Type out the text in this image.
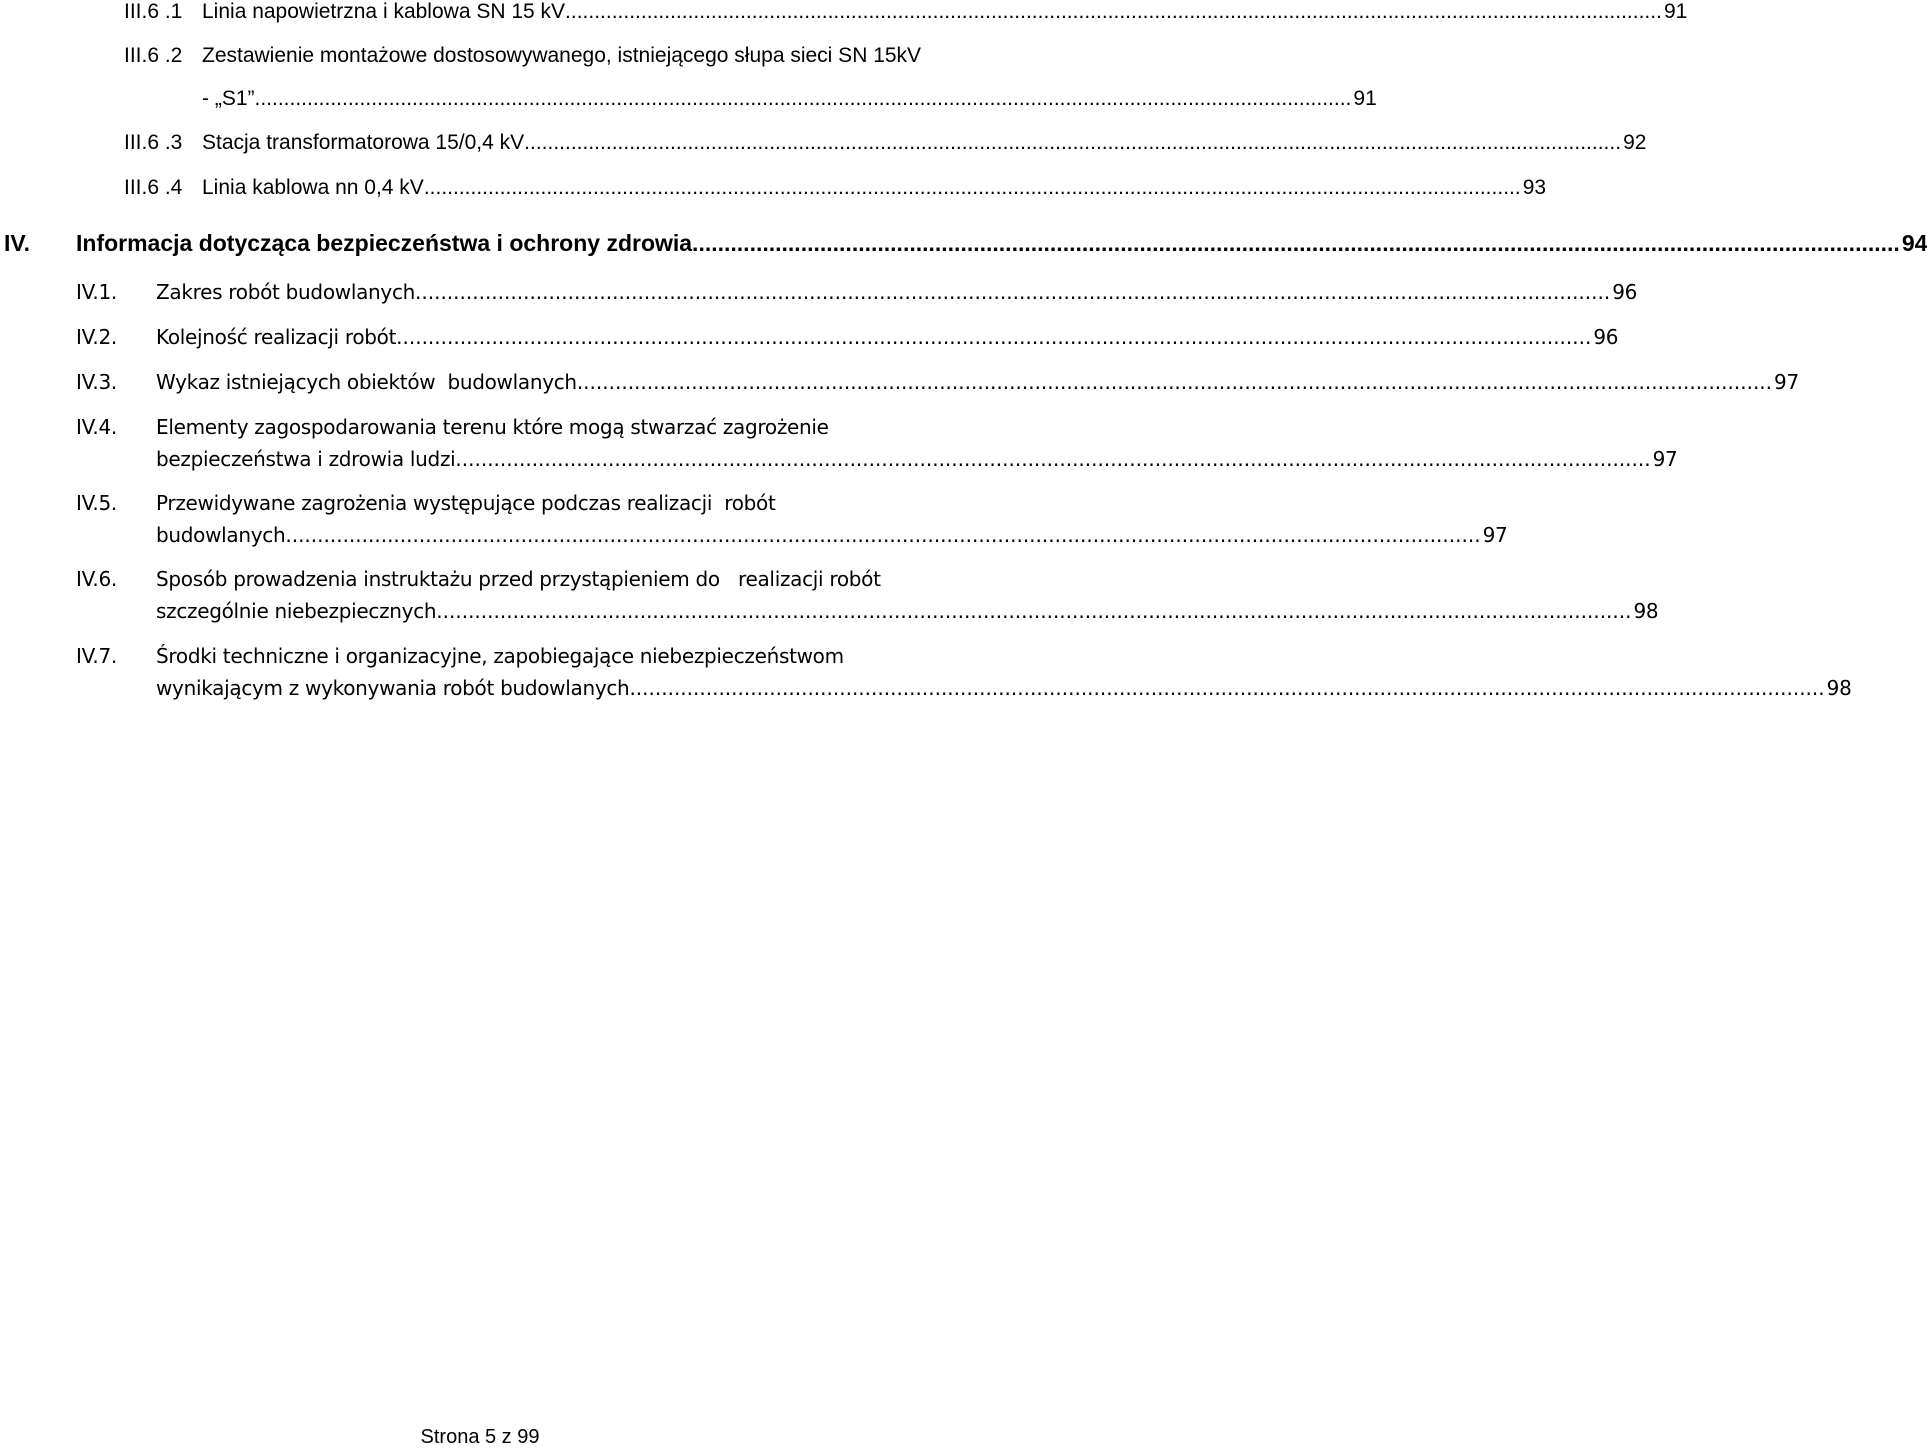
III.6 .1 Linia napowietrzna i kablowa SN 15 kV ............................................................................................................................................................................................ 91
III.6 .2 Zestawienie montażowe dostosowywanego, istniejącego słupa sieci SN 15kV
- „S1” ............................................................................................................................................................................................ 91
III.6 .3 Stacja transformatorowa 15/0,4 kV ............................................................................................................................................................................................ 92
III.6 .4 Linia kablowa nn 0,4 kV ............................................................................................................................................................................................ 93
IV. Informacja dotycząca bezpieczeństwa i ochrony zdrowia. ............................................................................................................................................................................................ 94
IV.1. Zakres robót budowlanych ............................................................................................................................................................................................ 96
IV.2. Kolejność realizacji robót ............................................................................................................................................................................................ 96
IV.3. Wykaz istniejących obiektów  budowlanych ............................................................................................................................................................................................ 97
IV.4. Elementy zagospodarowania terenu które mogą stwarzać zagrożenie
bezpieczeństwa i zdrowia ludzi ............................................................................................................................................................................................ 97
IV.5. Przewidywane zagrożenia występujące podczas realizacji  robót
budowlanych ............................................................................................................................................................................................ 97
IV.6. Sposób prowadzenia instruktażu przed przystąpieniem do   realizacji robót
szczególnie niebezpiecznych ............................................................................................................................................................................................ 98
IV.7. Środki techniczne i organizacyjne, zapobiegające niebezpieczeństwom
wynikającym z wykonywania robót budowlanych ............................................................................................................................................................................................ 98
Strona 5 z 99
